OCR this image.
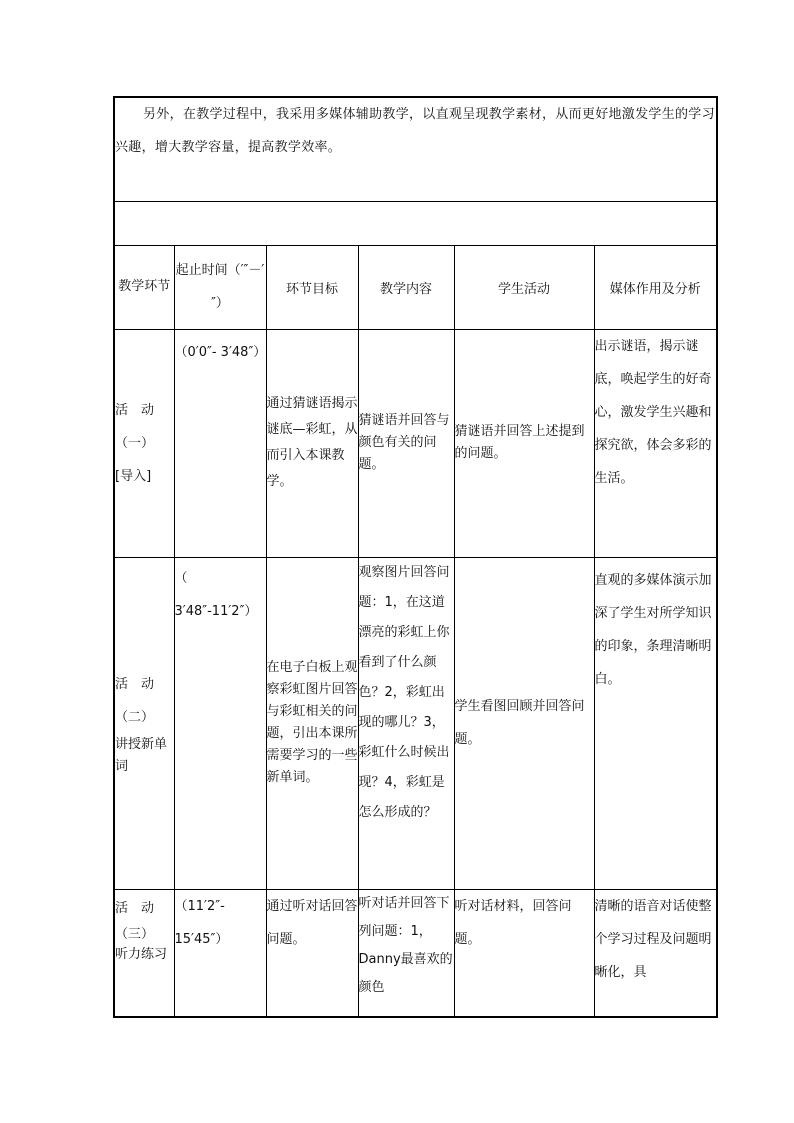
另外，在教学过程中，我采用多媒体辅助教学，以直观呈现教学素材，从而更好地激发学生的学习兴趣，增大教学容量，提高教学效率。					

教学环节	起止时间（′″－′″）	环节目标	教学内容	学生活动	媒体作用及分析

活　动
（一）
[导入]	（0′0″- 3′48″）	通过猜谜语揭示谜底—彩虹，从而引入本课教学。	猜谜语并回答与颜色有关的问题。	猜谜语并回答上述提到的问题。	出示谜语，揭示谜底，唤起学生的好奇心，激发学生兴趣和探究欲，体会多彩的生活。

活　动
（二）
讲授新单词	（ 3′48″-11′2″）	在电子白板上观察彩虹图片回答与彩虹相关的问题，引出本课所需要学习的一些新单词。	观察图片回答问题：1，在这道漂亮的彩虹上你看到了什么颜色？2，彩虹出现的哪儿？3，彩虹什么时候出现？4，彩虹是怎么形成的？	学生看图回顾并回答问题。	直观的多媒体演示加深了学生对所学知识的印象，条理清晰明白。

活　动
（三）
听力练习	（11′2″- 15′45″）	通过听对话回答问题。	听对话并回答下列问题：1，Danny最喜欢的颜色	听对话材料，回答问题。	清晰的语音对话使整个学习过程及问题明晰化，具
